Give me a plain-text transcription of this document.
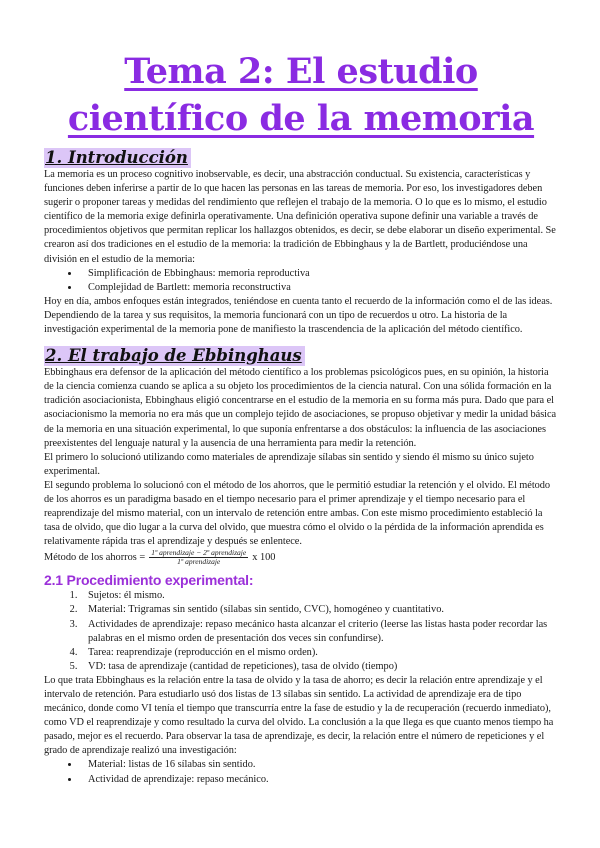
Tema 2: El estudio científico de la memoria
1. Introducción

La memoria es un proceso cognitivo inobservable, es decir, una abstracción conductual. Su existencia, características y funciones deben inferirse a partir de lo que hacen las personas en las tareas de memoria. Por eso, los investigadores deben sugerir o proponer tareas y medidas del rendimiento que reflejen el trabajo de la memoria. O lo que es lo mismo, el estudio científico de la memoria exige definirla operativamente. Una definición operativa supone definir una variable a través de procedimientos objetivos que permitan replicar los hallazgos obtenidos, es decir, se debe elaborar un diseño experimental. Se crearon así dos tradiciones en el estudio de la memoria: la tradición de Ebbinghaus y la de Bartlett, produciéndose una división en el estudio de la memoria:

• Simplificación de Ebbinghaus: memoria reproductiva
• Complejidad de Bartlett: memoria reconstructiva

Hoy en día, ambos enfoques están integrados, teniéndose en cuenta tanto el recuerdo de la información como el de las ideas. Dependiendo de la tarea y sus requisitos, la memoria funcionará con un tipo de recuerdos u otro. La historia de la investigación experimental de la memoria pone de manifiesto la trascendencia de la aplicación del método científico.

2. El trabajo de Ebbinghaus

Ebbinghaus era defensor de la aplicación del método científico a los problemas psicológicos pues, en su opinión, la historia de la ciencia comienza cuando se aplica a su objeto los procedimientos de la ciencia natural. Con una sólida formación en la tradición asociacionista, Ebbinghaus eligió concentrarse en el estudio de la memoria en su forma más pura. Dado que para el asociacionismo la memoria no era más que un complejo tejido de asociaciones, se propuso objetivar y medir la unidad básica de la memoria en una situación experimental, lo que suponía enfrentarse a dos obstáculos: la influencia de las asociaciones preexistentes del lenguaje natural y la ausencia de una herramienta para medir la retención.

El primero lo solucionó utilizando como materiales de aprendizaje sílabas sin sentido y siendo él mismo su único sujeto experimental.

El segundo problema lo solucionó con el método de los ahorros, que le permitió estudiar la retención y el olvido. El método de los ahorros es un paradigma basado en el tiempo necesario para el primer aprendizaje y el tiempo necesario para el reaprendizaje del mismo material, con un intervalo de retención entre ambas. Con este mismo procedimiento estableció la tasa de olvido, que dio lugar a la curva del olvido, que muestra cómo el olvido o la pérdida de la información aprendida es relativamente rápida tras el aprendizaje y después se enlentece.

Método de los ahorros = $\frac{\text{1º aprendizaje − 2º aprendizaje}}{\text{1º aprendizaje}}$ x 100
2.1 Procedimiento experimental:
1. Sujetos: él mismo.
2. Material: Trigramas sin sentido (sílabas sin sentido, CVC), homogéneo y cuantitativo.
3. Actividades de aprendizaje: repaso mecánico hasta alcanzar el criterio (leerse las listas hasta poder recordar las palabras en el mismo orden de presentación dos veces sin confundirse).
4. Tarea: reaprendizaje (reproducción en el mismo orden).
5. VD: tasa de aprendizaje (cantidad de repeticiones), tasa de olvido (tiempo)

Lo que trata Ebbinghaus es la relación entre la tasa de olvido y la tasa de ahorro; es decir la relación entre aprendizaje y el intervalo de retención. Para estudiarlo usó dos listas de 13 sílabas sin sentido. La actividad de aprendizaje era de tipo mecánico, donde como VI tenía el tiempo que transcurría entre la fase de estudio y la de recuperación (recuerdo inmediato), como VD el reaprendizaje y como resultado la curva del olvido. La conclusión a la que llega es que cuanto menos tiempo ha pasado, mejor es el recuerdo. Para observar la tasa de aprendizaje, es decir, la relación entre el número de repeticiones y el grado de aprendizaje realizó una investigación:

• Material: listas de 16 sílabas sin sentido.
• Actividad de aprendizaje: repaso mecánico.
